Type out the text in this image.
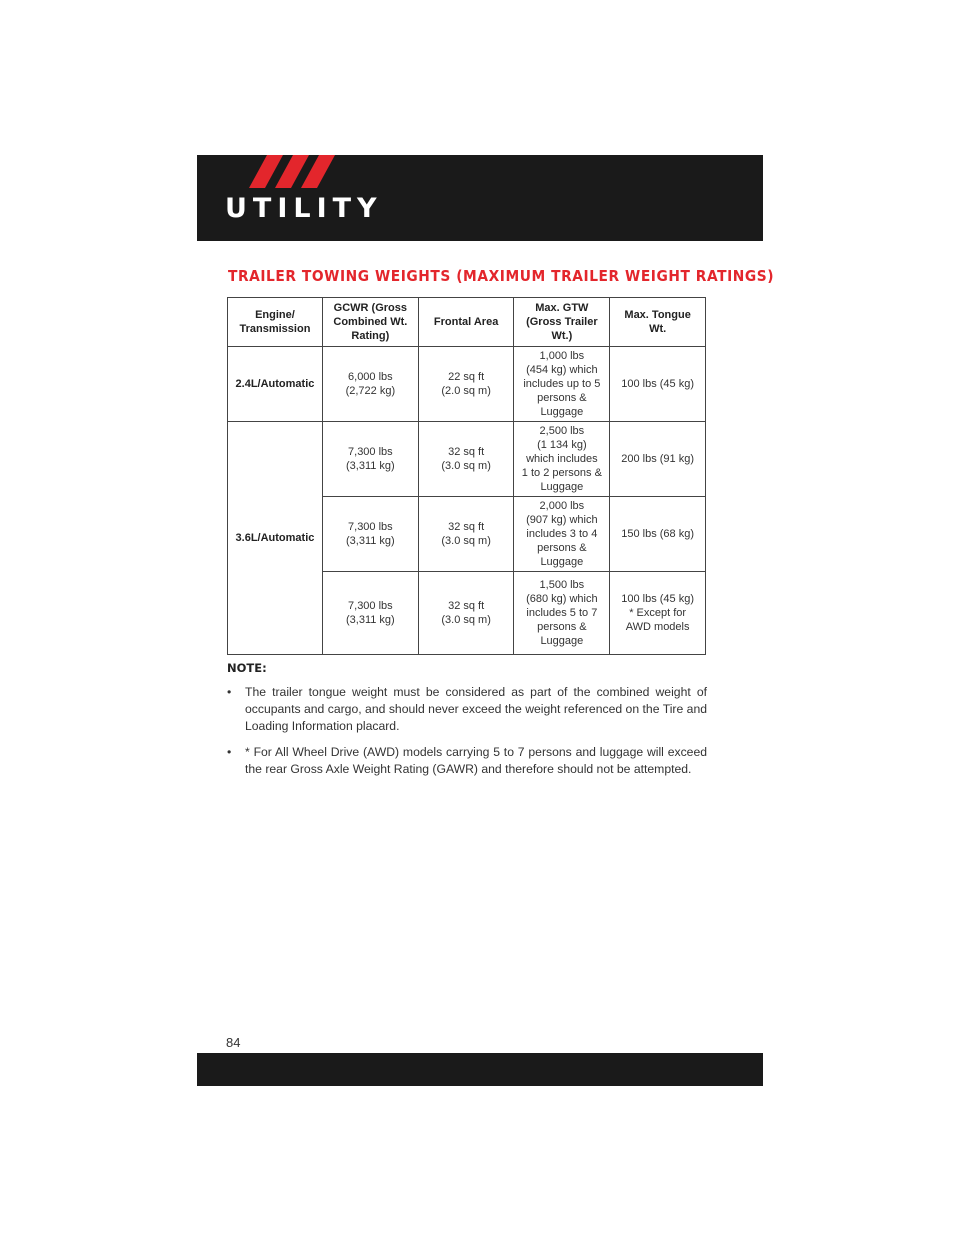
UTILITY
TRAILER TOWING WEIGHTS (MAXIMUM TRAILER WEIGHT RATINGS)
Engine/
Transmission	GCWR (Gross
Combined Wt.
Rating)	Frontal Area	Max. GTW
(Gross Trailer
Wt.)	Max. Tongue
Wt.
2.4L/Automatic	6,000 lbs
(2,722 kg)	22 sq ft
(2.0 sq m)	1,000 lbs
(454 kg) which
includes up to 5
persons &
Luggage	100 lbs (45 kg)
3.6L/Automatic	7,300 lbs
(3,311 kg)	32 sq ft
(3.0 sq m)	2,500 lbs
(1 134 kg)
which includes
1 to 2 persons &
Luggage	200 lbs (91 kg)
	7,300 lbs
(3,311 kg)	32 sq ft
(3.0 sq m)	2,000 lbs
(907 kg) which
includes 3 to 4
persons &
Luggage	150 lbs (68 kg)
	7,300 lbs
(3,311 kg)	32 sq ft
(3.0 sq m)	1,500 lbs
(680 kg) which
includes 5 to 7
persons &
Luggage	100 lbs (45 kg)
* Except for
AWD models
NOTE:
• The trailer tongue weight must be considered as part of the combined weight of occupants and cargo, and should never exceed the weight referenced on the Tire and Loading Information placard.
• * For All Wheel Drive (AWD) models carrying 5 to 7 persons and luggage will exceed the rear Gross Axle Weight Rating (GAWR) and therefore should not be attempted.
84
